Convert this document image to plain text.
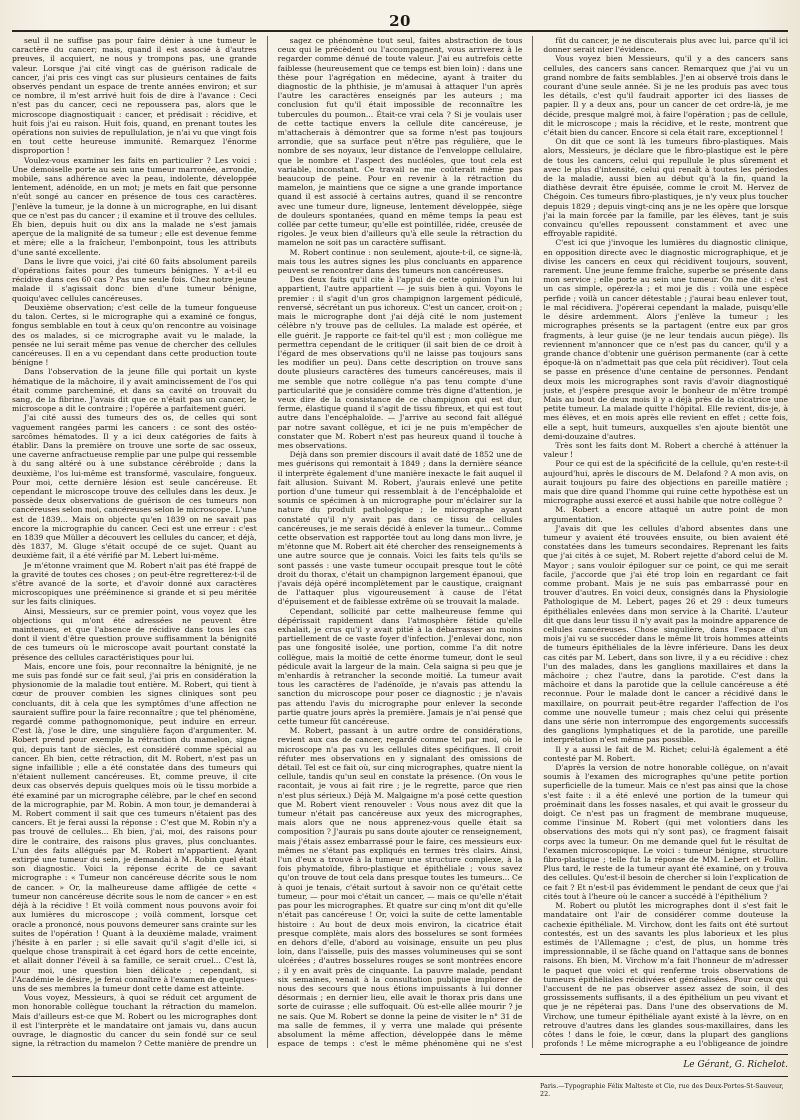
20

seul il ne suffise pas pour faire dénier à une tumeur le caractère du cancer; mais, quand il est associé à d'autres preuves, il acquiert, ne nous y trompons pas, une grande valeur. Lorsque j'ai cité vingt cas de guérison radicale de cancer, j'ai pris ces vingt cas sur plusieurs centaines de faits observés pendant un espace de trente années environ; et sur ce nombre, il m'est arrivé huit fois de dire à l'avance : Ceci n'est pas du cancer, ceci ne repoussera pas, alors que le microscope diagnostiquait : cancer, et prédisait : récidive, et huit fois j'ai eu raison. Huit fois, quand, en prenant toutes les opérations non suivies de repullulation, je n'ai vu que vingt fois en tout cette heureuse immunité. Remarquez l'énorme disproportion !

Voulez-vous examiner les faits en particulier ? Les voici : Une demoiselle porte au sein une tumeur marronée, arrondie, mobile, sans adhérence avec la peau, indolente, développée lentement, adénoïde, en un mot; je mets en fait que personne n'eût songé au cancer en présence de tous ces caractères. J'enlève la tumeur, je la donne à un micrographe, en lui disant que ce n'est pas du cancer ; il examine et il trouve des cellules. Eh bien, depuis huit ou dix ans la malade ne s'est jamais aperçue de la malignité de sa tumeur ; elle est devenue femme et mère; elle a la fraîcheur, l'embonpoint, tous les attributs d'une santé excellente.

Dans le livre que voici, j'ai cité 60 faits absolument pareils d'opérations faites pour des tumeurs bénignes. Y a-t-il eu récidive dans ces 60 cas ? Pas une seule fois. Chez notre jeune malade il s'agissait donc bien d'une tumeur bénigne, quoiqu'avec cellules cancéreuses.

Deuxième observation; c'est celle de la tumeur fongueuse du talon. Certes, si le micrographe qui a examiné ce fongus, fongus semblable en tout à ceux qu'on rencontre au voisinage des os malades, si ce micrographe avait vu le malade, la pensée ne lui serait même pas venue de chercher des cellules cancéreuses. Il en a vu cependant dans cette production toute bénigne !

Dans l'observation de la jeune fille qui portait un kyste hématique de la mâchoire, il y avait amincissement de l'os qui était comme parcheminé, et dans sa cavité on trouvait du sang, de la fibrine. J'avais dit que ce n'était pas un cancer, le microscope a dit le contraire ; l'opérée a parfaitement guéri.

J'ai cité aussi des tumeurs des os, de celles qui sont vaguement rangées parmi les cancers : ce sont des ostéo-sarcômes hématodes. Il y a ici deux catégories de faits à établir. Dans la première on trouve une sorte de sac osseux, une caverne anfractueuse remplie par une pulpe qui ressemble à du sang altéré ou à une substance cérébroïde ; dans la deuxième, l'os lui-même est transformé, vasculaire, fongueux. Pour moi, cette dernière lésion est seule cancéreuse. Et cependant le microscope trouve des cellules dans les deux. Je possède deux observations de guérison de ces tumeurs non cancéreuses selon moi, cancéreuses selon le microscope. L'une est de 1839... Mais on objecte qu'en 1839 on ne savait pas encore la micrographie du cancer. Ceci est une erreur : c'est en 1839 que Müller a découvert les cellules du cancer, et déjà, dès 1837, M. Gluge s'était occupé de ce sujet. Quant au deuxième fait, il a été vérifié par M. Lebert lui-même.

Je m'étonne vraiment que M. Robert n'ait pas été frappé de la gravité de toutes ces choses ; on peut-être regretterez-t-il de s'être avancé de la sorte, et d'avoir donné aux caractères microscopiques une prééminence si grande et si peu méritée sur les faits cliniques.

Ainsi, Messieurs, sur ce premier point, vous voyez que les objections qui m'ont été adressées ne peuvent être maintenues, et que l'absence de récidive dans tous les cas dont il vient d'être question prouve suffisamment la bénignité de ces tumeurs où le microscope avait pourtant constaté la présence des cellules caractéristiques pour lui.

Mais, encore une fois, pour reconnaître la bénignité, je ne me suis pas fondé sur ce fait seul, j'ai pris en considération la physionomie de la maladie tout entière. M. Robert, qui tient à cœur de prouver combien les signes cliniques sont peu concluants, dit à cela que les symptômes d'une affection ne sauraient suffire pour la faire reconnaître ; que tel phénomène, regardé comme pathognomonique, peut induire en erreur. C'est là, j'ose le dire, une singulière façon d'argumenter. M. Robert prend pour exemple la rétraction du mamelon, signe qui, depuis tant de siècles, est considéré comme spécial au cancer. Eh bien, cette rétraction, dit M. Robert, n'est pas un signe infaillible ; elle a été constatée dans des tumeurs qui n'étaient nullement cancéreuses. Et, comme preuve, il cite deux cas observés depuis quelques mois où le tissu morbide a été examiné par un micrographe célèbre, par le chef en second de la micrographie, par M. Robin. A mon tour, je demanderai à M. Robert comment il sait que ces tumeurs n'étaient pas des cancers. Et je ferai aussi la réponse : C'est que M. Robin n'y a pas trouvé de cellules... Eh bien, j'ai, moi, des raisons pour dire le contraire, des raisons plus graves, plus concluantes. L'un des faits allégués par M. Robert m'appartient. Ayant extirpé une tumeur du sein, je demandai à M. Robin quel était son diagnostic. Voici la réponse écrite de ce savant micrographe : « Tumeur non cancéreuse décrite sous le nom de cancer. » Or, la malheureuse dame affligée de cette « tumeur non cancéreuse décrite sous le nom de cancer » en est déjà à la récidive ! Et voilà comment nous pouvons avoir foi aux lumières du microscope ; voilà comment, lorsque cet oracle a prononcé, nous pouvons demeurer sans crainte sur les suites de l'opération ! Quant à la deuxième malade, vraiment j'hésite à en parler ; si elle savait qu'il s'agit d'elle ici, si quelque chose transpirait à cet égard hors de cette enceinte, et allait donner l'éveil à sa famille, ce serait cruel... C'est là, pour moi, une question bien délicate ; cependant, si l'Académie le désire, je ferai connaître à l'examen de quelques-uns de ses membres la tumeur dont cette dame est atteinte.

Vous voyez, Messieurs, à quoi se réduit cet argument de mon honorable collègue touchant la rétraction du mamelon. Mais d'ailleurs est-ce que M. Robert ou les micrographes dont il est l'interprète et le mandataire ont jamais vu, dans aucun ouvrage, le diagnostic du cancer du sein fondé sur ce seul signe, la rétraction du mamelon ? Cette manière de prendre un

sagez ce phénomène tout seul, faites abstraction de tous ceux qui le précèdent ou l'accompagnent, vous arriverez à le regarder comme dénué de toute valeur. J'ai eu autrefois cette faiblesse (heureusement que ce temps est bien loin) : dans une thèse pour l'agrégation en médecine, ayant à traiter du diagnostic de la phthisie, je m'amusai à attaquer l'un après l'autre les caractères enseignés par les auteurs ; ma conclusion fut qu'il était impossible de reconnaître les tubercules du poumon... Était-ce vrai cela ? Si je voulais user de cette tactique envers la cellule dite cancéreuse, je m'attacherais à démontrer que sa forme n'est pas toujours arrondie, que sa surface peut n'être pas régulière, que le nombre de ses noyaux, leur distance de l'enveloppe cellulaire, que le nombre et l'aspect des nucléoles, que tout cela est variable, inconstant. Ce travail ne me coûterait même pas beaucoup de peine. Pour en revenir à la rétraction du mamelon, je maintiens que ce signe a une grande importance quand il est associé à certains autres, quand il se rencontre avec une tumeur dure, ligneuse, lentement développée, siège de douleurs spontanées, quand en même temps la peau est collée par cette tumeur, qu'elle est pointillée, ridée, creusée de rigoles. Je veux bien d'ailleurs qu'à elle seule la rétraction du mamelon ne soit pas un caractère suffisant.

M. Robert continue : non seulement, ajoute-t-il, ce signe-là, mais tous les autres signes les plus concluants en apparence peuvent se rencontrer dans des tumeurs non cancéreuses.

Des deux faits qu'il cite à l'appui de cette opinion l'un lui appartient, l'autre appartient — je suis bien à qui. Voyons le premier : il s'agit d'un gros champignon largement pédiculé, renversé, sécrétant un pus ichoreux. C'est un cancer, croit-on ; mais le micrographe dont j'ai déjà cité le nom justement célèbre n'y trouve pas de cellules. La malade est opérée, et elle guérit. Je rapporte ce fait-tel qu'il est ; mon collègue me permettra cependant de le critiquer (il sait bien de ce droit à l'égard de mes observations qu'il ne laisse pas toujours sans les modifier un peu). Dans cette description on trouve sans doute plusieurs caractères des tumeurs cancéreuses, mais il me semble que notre collègue n'a pas tenu compte d'une particularité que je considère comme très digne d'attention, je veux dire de la consistance de ce champignon qui est dur, ferme, élastique quand il s'agit de tissu fibreux, et qui est tout autre dans l'encéphaloïde. — J'arrive au second fait allégué par notre savant collègue, et ici je ne puis m'empêcher de constater que M. Robert n'est pas heureux quand il touche à mes observations.

Déjà dans son premier discours il avait daté de 1852 une de mes guérisons qui remontait à 1849 ; dans la dernière séance il interprète également d'une manière inexacte le fait auquel il fait allusion. Suivant M. Robert, j'aurais enlevé une petite portion d'une tumeur qui ressemblait à de l'encéphaloïde et soumis ce spécimen à un micrographe pour m'éclairer sur la nature du produit pathologique ; le micrographe ayant constaté qu'il n'y avait pas dans ce tissu de cellules cancéreuses, je me serais décidé à enlever la tumeur... Comme cette observation est rapportée tout au long dans mon livre, je m'étonne que M. Robert ait été chercher des renseignements à une autre source que je connais. Voici les faits tels qu'ils se sont passés : une vaste tumeur occupait presque tout le côté droit du thorax, c'était un champignon largement épanoui, que j'avais déjà opéré incomplètement par le caustique, craignant de l'attaquer plus vigoureusement à cause de l'état d'épuisement et de faiblesse extrême où se trouvait la malade.

Cependant, sollicité par cette malheureuse femme qui dépérissait rapidement dans l'atmosphère fétide qu'elle exhalait, je crus qu'il y avait pitié à la débarrasser au moins partiellement de ce vaste foyer d'infection. J'enlevai donc, non pas une fongosité isolée, une portion, comme l'a dit notre collègue, mais la moitié de cette énorme tumeur, dont le seul pédicule avait la largeur de la main. Cela saigna si peu que je m'enhardis à retrancher la seconde moitié. La tumeur avait tous les caractères de l'adénoïde, je n'avais pas attendu la sanction du microscope pour poser ce diagnostic ; je n'avais pas attendu l'avis du micrographe pour enlever la seconde partie quatre jours après la première. Jamais je n'ai pensé que cette tumeur fût cancéreuse.

M. Robert, passant à un autre ordre de considérations, revient aux cas de cancer, regardé comme tel par moi, où le microscope n'a pas vu les cellules dites spécifiques. Il croit réfuter mes observations en y signalant des omissions de détail. Tel est ce fait où, sur cinq micrographes, quatre nient la cellule, tandis qu'un seul en constate la présence. (On vous le racontait, je vous ai fait rire ; je le regrette, parce que rien n'est plus sérieux.) Déjà M. Malgaigne m'a posé cette question que M. Robert vient renouveler : Vous nous avez dit que la tumeur n'était pas cancéreuse aux yeux des micrographes, mais alors que ne nous apprenez-vous quelle était sa composition ? J'aurais pu sans doute ajouter ce renseignement, mais j'étais assez embarrassé pour le faire, ces messieurs eux-mêmes ne s'étant pas expliqués en termes très clairs. Ainsi, l'un d'eux a trouvé à la tumeur une structure complexe, à la fois phymatoïde, fibro-plastique et épithéliale ; vous savez qu'on trouve de tout cela dans presque toutes les tumeurs... Ce à quoi je tenais, c'était surtout à savoir non ce qu'était cette tumeur, — pour moi c'était un cancer, — mais ce qu'elle n'était pas pour les micrographes. Et quatre sur cinq m'ont dit qu'elle n'était pas cancéreuse ! Or, voici la suite de cette lamentable histoire : Au bout de deux mois environ, la cicatrice était presque complète, mais alors des bosselures se sont formées en dehors d'elle, d'abord au voisinage, ensuite un peu plus loin, dans l'aisselle, puis des masses volumineuses qui se sont ulcérées ; d'autres bosselures rouges se sont montrées encore ; il y en avait près de cinquante. La pauvre malade, pendant six semaines, venait à la consultation publique implorer de nous des secours que nous étions impuissants à lui donner désormais ; en dernier lieu, elle avait le thorax pris dans une sorte de cuirasse ; elle suffoquait. Où est-elle allée mourir ? je ne sais. Que M. Robert se donne la peine de visiter le n° 31 de ma salle de femmes, il y verra une malade qui présente absolument la même affection, développée dans le même espace de temps : c'est le même phénomène qui ne s'est

fût du cancer, je ne discuterais plus avec lui, parce qu'il ici donner serait nier l'évidence.

Vous voyez bien Messieurs, qu'il y a des cancers sans cellules, des cancers sans cancer. Remarquez que j'ai vu un grand nombre de faits semblables. J'en ai observé trois dans le courant d'une seule année. Si je ne les produis pas avec tous les détails, c'est qu'il faudrait apporter ici des liasses de papier. Il y a deux ans, pour un cancer de cet ordre-là, je me décide, presque malgré moi, à faire l'opération ; pas de cellule, dit le microscope ; mais la récidive, et le reste, montrent que c'était bien du cancer. Encore si cela était rare, exceptionnel !

On dit que ce sont là les tumeurs fibro-plastiques. Mais alors, Messieurs, je déclare que le fibro-plastique est le père de tous les cancers, celui qui repullule le plus sûrement et avec le plus d'intensité, celui qui renaît à toutes les périodes de la maladie, aussi bien au début qu'à la fin, quand la diathèse devrait être épuisée, comme le croit M. Hervez de Chégoin. Ces tumeurs fibro-plastiques, je n'y veux plus toucher depuis 1829 ; depuis vingt-cinq ans je ne les opère que lorsque j'ai la main forcée par la famille, par les élèves, tant je suis convaincu qu'elles repoussent constamment et avec une effroyable rapidité.

C'est ici que j'invoque les lumières du diagnostic clinique, en opposition directe avec le diagnostic micrographique, et je divise les cancers en ceux qui récidivent toujours, souvent, rarement. Une jeune femme fraîche, superbe se présente dans mon service ; elle porte au sein une tumeur. On me dit : c'est un cas simple, opérez-la ; et moi je dis : voilà une espèce perfide ; voilà un cancer détestable ; j'aurai beau enlever tout, le mal récidivera. J'opérerai cependant la malade, puisqu'elle le désire ardemment. Alors j'enlève la tumeur ; les micrographes présents se la partagent (entre eux par gros fragments, à leur guise (je ne leur tendais aucun piège). Ils reviennent m'annoncer que ce n'est pas du cancer, qu'il y a grande chance d'obtenir une guérison permanente (car à cette époque-là on n'admettait pas que cela pût récidiver). Tout cela se passe en présence d'une centaine de personnes. Pendant deux mois les micrographes sont ravis d'avoir diagnostiqué juste, et j'espère presque avoir le bonheur de m'être trompé Mais au bout de deux mois il y a déjà près de la cicatrice une petite tumeur. La malade quitte l'hôpital. Elle revient, dis-je, à mes élèves, et en mois après elle revient en effet ; cette fois, elle a sept, huit tumeurs, auxquelles s'en ajoute bientôt une demi-douzaine d'autres.

Très sont les faits dont M. Robert a cherché à atténuer la valeur !

Pour ce qui est de la spécificité de la cellule, qu'en reste-t-il aujourd'hui, après le discours de M. Delafond ? A mon avis, on aurait toujours pu faire des objections en pareille matière ; mais que dire quand l'homme qui ruine cette hypothèse est un micrographe aussi exercé et aussi habile que notre collègue ?

M. Robert a encore attaqué un autre point de mon argumentation.

J'avais dit que les cellules d'abord absentes dans une tumeur y avaient été trouvées ensuite, ou bien avaient été constatées dans les tumeurs secondaires. Reprenant les faits que j'ai cités à ce sujet, M. Robert rejette d'abord celui de M. Mayor ; sans vouloir épiloguer sur ce point, ce qui me serait facile, j'accorde que j'ai été trop loin en regardant ce fait comme probant. Mais je ne suis pas embarrassé pour en trouver d'autres. En voici deux, consignés dans la Physiologie Pathologique de M. Lebert, pages 26 et 29 : deux tumeurs épithéliales enlevées dans mon service à la Charité. L'auteur dit que dans leur tissu il n'y avait pas la moindre apparence de cellules cancéreuses. Chose singulière, dans l'espace d'un mois j'ai vu se succéder dans le même lit trois hommes atteints de tumeurs épithéliales de la lèvre inférieure. Dans les deux cas cités par M. Lebert, dans son livre, il y a eu récidive : chez l'un des malades, dans les ganglions maxillaires et dans la mâchoire ; chez l'autre, dans la parotide. C'est dans la mâchoire et dans la parotide que la cellule cancéreuse a été reconnue. Pour le malade dont le cancer a récidivé dans le maxillaire, on pourrait peut-être regarder l'affection de l'os comme une nouvelle tumeur ; mais chez celui qui présente dans une série non interrompue des engorgements successifs des ganglions lymphatiques et de la parotide, une pareille interprétation n'est même pas possible.

Il y a aussi le fait de M. Richet; celui-là également a été contesté par M. Robert.

D'après la version de notre honorable collègue, on n'avait soumis à l'examen des micrographes qu'une petite portion superficielle de la tumeur. Mais ce n'est pas ainsi que la chose s'est faite : il a été enlevé une portion de la tumeur qui proéminait dans les fosses nasales, et qui avait le grosseur du doigt. Ce n'est pas un fragment de membrane muqueuse, comme l'insinue M. Robert (qui met volontiers dans les observations des mots qui n'y sont pas), ce fragment faisait corps avec la tumeur. On me demande quel fut le résultat de l'examen microscopique. Le voici : tumeur bénigne, structure fibro-plastique ; telle fut la réponse de MM. Lebert et Follin. Plus tard, le reste de la tumeur ayant été examiné, on y trouva des cellules. Qu'est-il besoin de chercher si loin l'explication de ce fait ? Et n'est-il pas évidemment le pendant de ceux que j'ai cités tout à l'heure où le cancer a succédé à l'épithélium ?

M. Robert ou plutôt les micrographes dont il s'est fait le mandataire ont l'air de considérer comme douteuse la cachexie épithéliale. M. Virchow, dont les faits ont été surtout contestés, est un des savants les plus laborieux et les plus estimés de l'Allemagne ; c'est, de plus, un homme très impressionnable, il se fâche quand on l'attaque sans de bonnes raisons. Eh bien, M. Virchow m'a fait l'honneur de m'adresser le paquet que voici et qui renferme trois observations de tumeurs épithéliales récidivées et généralisées. Pour ceux qui l'accusent de ne pas observer assez assez de soin, il des grossissements suffisants, il a des épithélium un peu vivant et que je ne répéterai pas. Dans l'une des observations de M. Virchow, une tumeur épithéliale ayant existé à la lèvre, on en retrouve d'autres dans les glandes sous-maxillaires, dans les côtes ! dans le foie, le cœur, dans la plupart des ganglions profonds ! Le même micrographe a eu l'obligeance de joindre

Le Gérant, G. Richelot.
Paris.—Typographie Félix Malteste et Cie, rue des Deux-Portes-St-Sauveur, 22.
